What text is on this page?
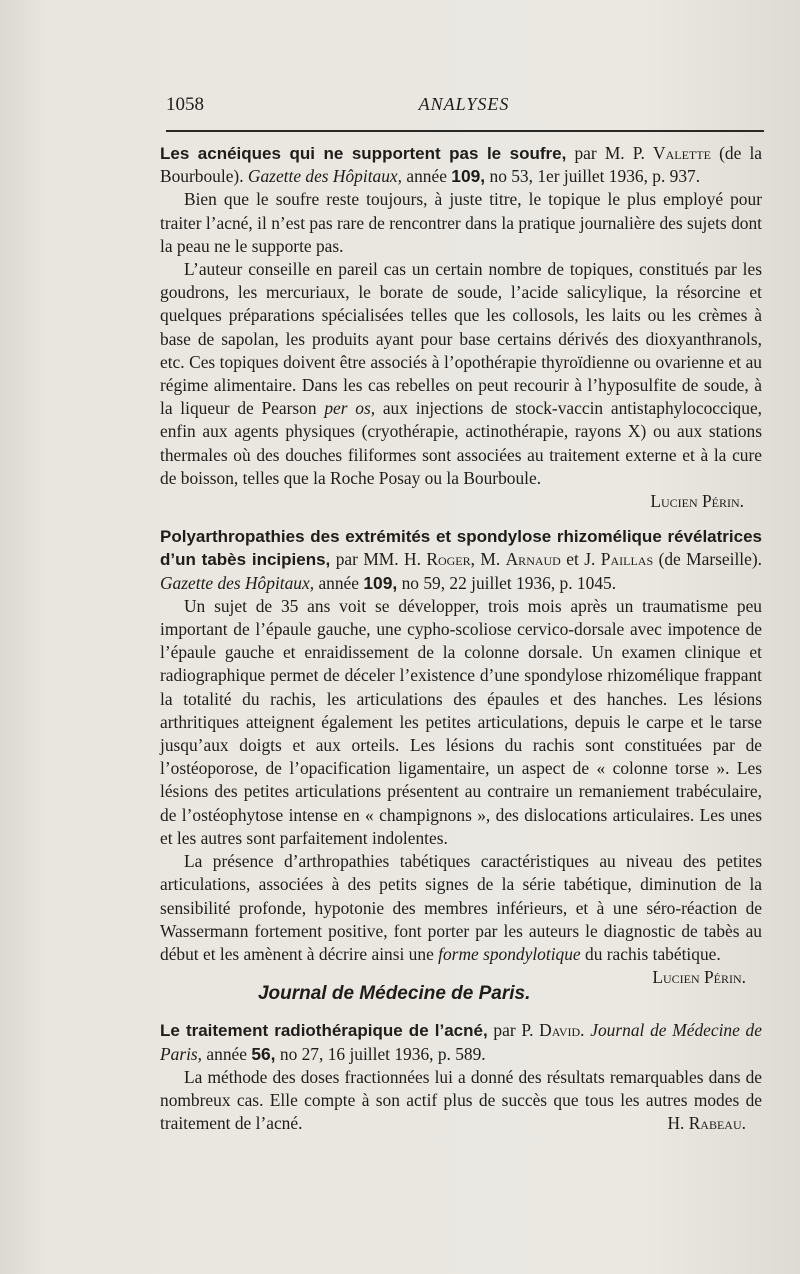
1058	ANALYSES

Les acnéiques qui ne supportent pas le soufre, par M. P. Valette (de la Bourboule). Gazette des Hôpitaux, année 109, no 53, 1er juillet 1936, p. 937.

Bien que le soufre reste toujours, à juste titre, le topique le plus employé pour traiter l’acné, il n’est pas rare de rencontrer dans la pratique journalière des sujets dont la peau ne le supporte pas.

L’auteur conseille en pareil cas un certain nombre de topiques, constitués par les goudrons, les mercuriaux, le borate de soude, l’acide salicylique, la résorcine et quelques préparations spécialisées telles que les collosols, les laits ou les crèmes à base de sapolan, les produits ayant pour base certains dérivés des dioxyanthranols, etc. Ces topiques doivent être associés à l’opothérapie thyroïdienne ou ovarienne et au régime alimentaire. Dans les cas rebelles on peut recourir à l’hyposulfite de soude, à la liqueur de Pearson per os, aux injections de stock-vaccin antistaphylococcique, enfin aux agents physiques (cryothérapie, actinothérapie, rayons X) ou aux stations thermales où des douches filiformes sont associées au traitement externe et à la cure de boisson, telles que la Roche Posay ou la Bourboule.

Lucien Périn.

Polyarthropathies des extrémités et spondylose rhizomélique révélatrices d’un tabès incipiens, par MM. H. Roger, M. Arnaud et J. Paillas (de Marseille). Gazette des Hôpitaux, année 109, no 59, 22 juillet 1936, p. 1045.

Un sujet de 35 ans voit se développer, trois mois après un traumatisme peu important de l’épaule gauche, une cypho-scoliose cervico-dorsale avec impotence de l’épaule gauche et enraidissement de la colonne dorsale. Un examen clinique et radiographique permet de déceler l’existence d’une spondylose rhizomélique frappant la totalité du rachis, les articulations des épaules et des hanches. Les lésions arthritiques atteignent également les petites articulations, depuis le carpe et le tarse jusqu’aux doigts et aux orteils. Les lésions du rachis sont constituées par de l’ostéoporose, de l’opacification ligamentaire, un aspect de « colonne torse ». Les lésions des petites articulations présentent au contraire un remaniement trabéculaire, de l’ostéophytose intense en « champignons », des dislocations articulaires. Les unes et les autres sont parfaitement indolentes.

La présence d’arthropathies tabétiques caractéristiques au niveau des petites articulations, associées à des petits signes de la série tabétique, diminution de la sensibilité profonde, hypotonie des membres inférieurs, et à une séro-réaction de Wassermann fortement positive, font porter par les auteurs le diagnostic de tabès au début et les amènent à décrire ainsi une forme spondylotique du rachis tabétique.
Lucien Périn.

Journal de Médecine de Paris.

Le traitement radiothérapique de l’acné, par P. David. Journal de Médecine de Paris, année 56, no 27, 16 juillet 1936, p. 589.

La méthode des doses fractionnées lui a donné des résultats remarquables dans de nombreux cas. Elle compte à son actif plus de succès que tous les autres modes de traitement de l’acné.	H. Rabeau.
